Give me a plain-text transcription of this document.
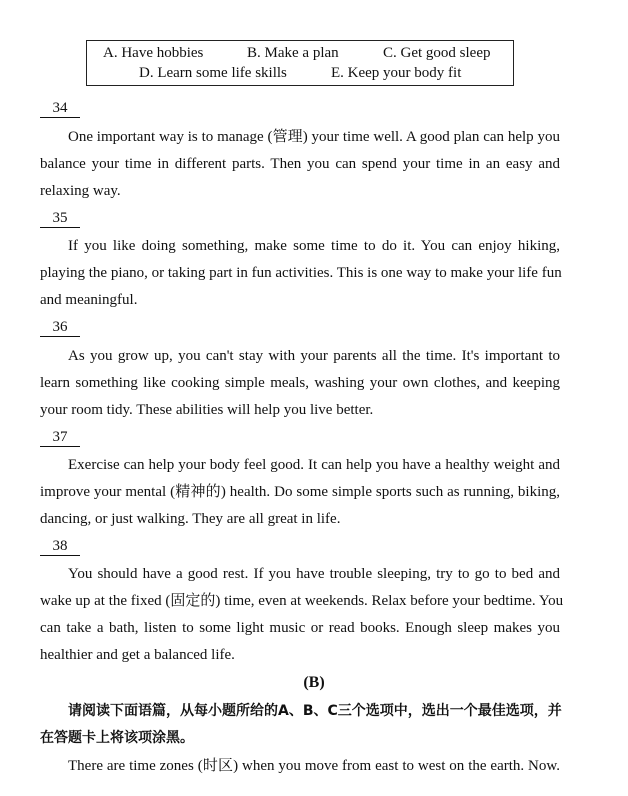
A. Have hobbies	B. Make a plan	C. Get good sleep
D. Learn some life skills	E. Keep your body fit
34
One important way is to manage (管理) your time well. A good plan can help you
balance your time in different parts. Then you can spend your time in an easy and
relaxing way.
35
If you like doing something, make some time to do it. You can enjoy hiking,
playing the piano, or taking part in fun activities. This is one way to make your life fun
and meaningful.
36
As you grow up, you can't stay with your parents all the time. It's important to
learn something like cooking simple meals, washing your own clothes, and keeping
your room tidy. These abilities will help you live better.
37
Exercise can help your body feel good. It can help you have a healthy weight and
improve your mental (精神的) health. Do some simple sports such as running, biking,
dancing, or just walking. They are all great in life.
38
You should have a good rest. If you have trouble sleeping, try to go to bed and
wake up at the fixed (固定的) time, even at weekends. Relax before your bedtime. You
can take a bath, listen to some light music or read books. Enough sleep makes you
healthier and get a balanced life.
(B)
请阅读下面语篇，从每小题所给的A、B、C三个选项中，选出一个最佳选项，并
在答题卡上将该项涂黑。
There are time zones (时区) when you move from east to west on the earth. Now.
